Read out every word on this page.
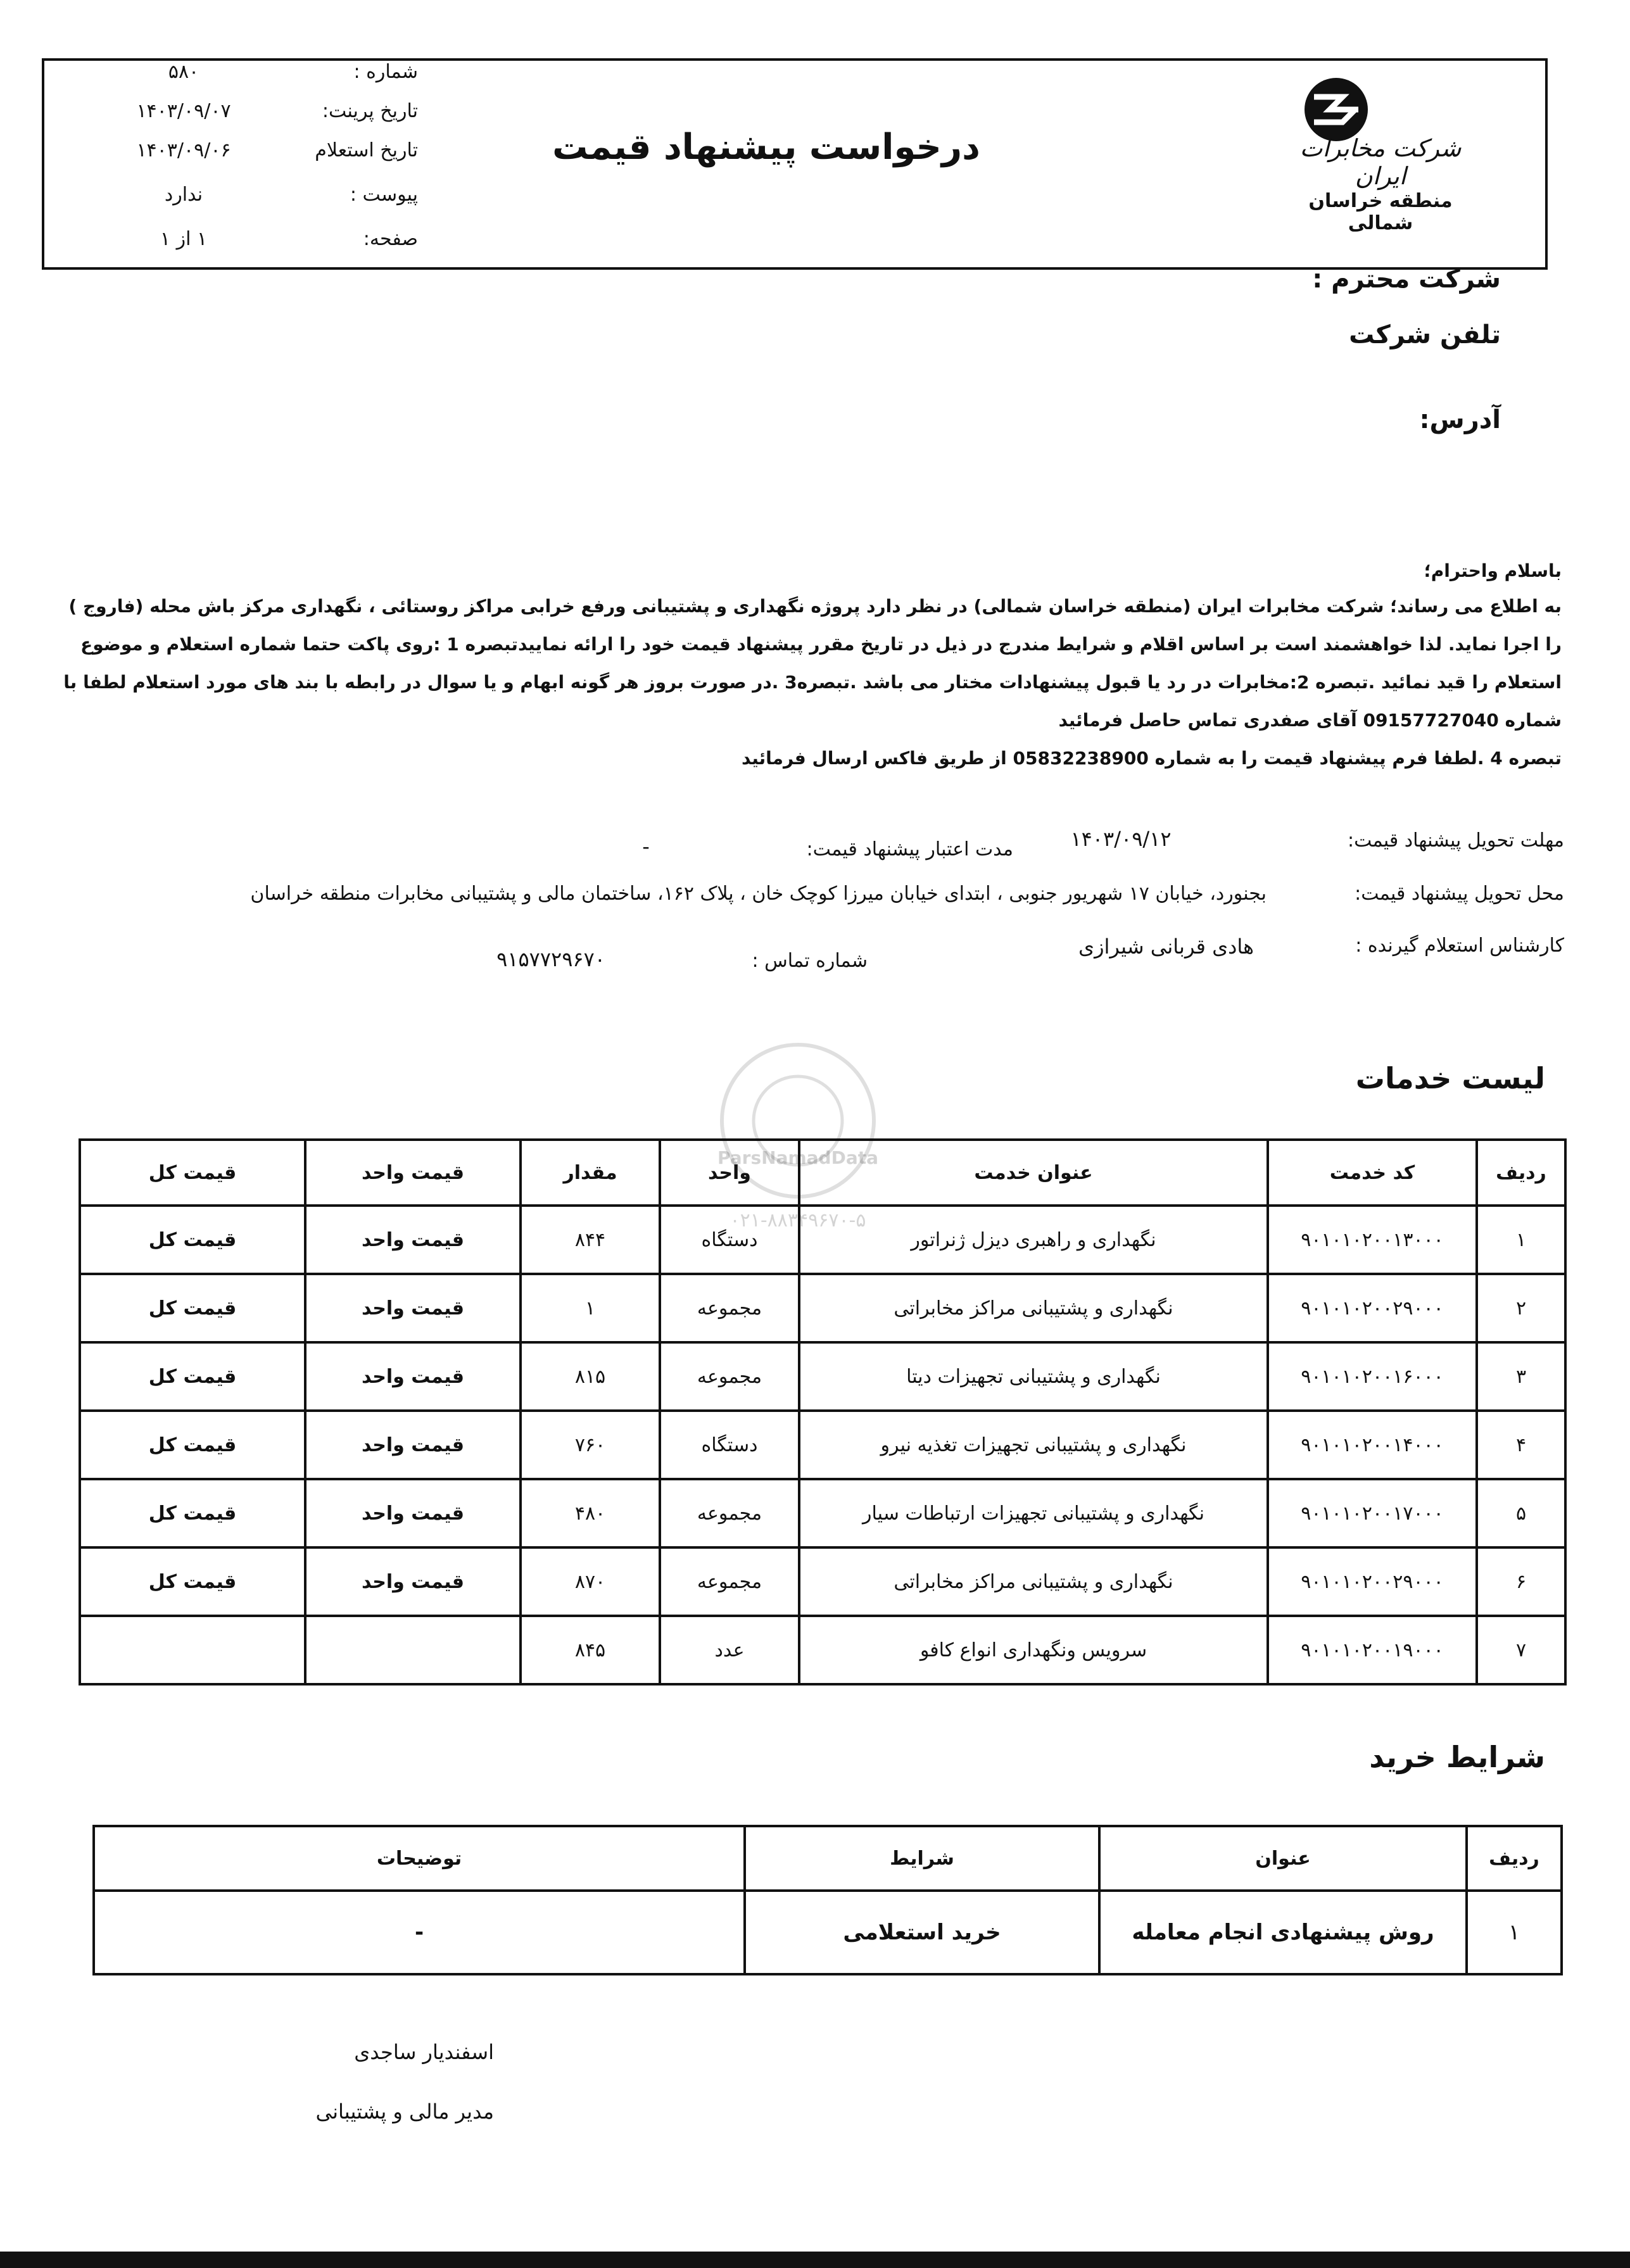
شرکت مخابرات ایران
منطقه خراسان شمالی
درخواست پیشنهاد قیمت
شماره :
۵۸۰
تاریخ پرینت:
۱۴۰۳/۰۹/۰۷
تاریخ استعلام
۱۴۰۳/۰۹/۰۶
پیوست :
ندارد
صفحه:
۱ از ۱
شرکت محترم :
تلفن شرکت
آدرس:
باسلام واحترام؛
به اطلاع می رساند؛ شرکت مخابرات ایران (منطقه خراسان شمالی) در نظر دارد پروژه نگهداری و پشتیبانی ورفع خرابی مراکز روستائی ، نگهداری مرکز باش محله (فاروج )
را اجرا نماید. لذا خواهشمند است بر اساس اقلام و شرایط مندرج در ذیل در تاریخ مقرر پیشنهاد قیمت خود را ارائه نماییدتبصره 1 :روی پاکت حتما شماره استعلام و موضوع
استعلام را قید نمائید .تبصره 2:مخابرات در رد یا قبول پیشنهادات مختار می باشد .تبصره3 .در صورت بروز هر گونه ابهام و یا سوال در رابطه با بند های مورد استعلام لطفا با
شماره 09157727040 آقای صفدری تماس حاصل فرمائید
تبصره 4 .لطفا فرم پیشنهاد قیمت را به شماره 05832238900 از طریق فاکس ارسال فرمائید
مهلت تحویل پیشنهاد قیمت:
۱۴۰۳/۰۹/۱۲
مدت اعتبار پیشنهاد قیمت:
-
محل تحویل پیشنهاد قیمت:
بجنورد، خیابان ۱۷ شهریور جنوبی ، ابتدای خیابان میرزا کوچک خان ، پلاک ۱۶۲، ساختمان مالی و پشتیبانی مخابرات منطقه خراسان
کارشناس استعلام گیرنده :
هادی قربانی شیرازی
شماره تماس :
۹۱۵۷۷۲۹۶۷۰
ParsNamadData
۰۲۱-۸۸۳۴۹۶۷۰-۵
لیست خدمات
ردیف	کد خدمت	عنوان خدمت	واحد	مقدار	قیمت واحد	قیمت کل
۱	۹۰۱۰۱۰۲۰۰۱۳۰۰۰	نگهداری و راهبری دیزل ژنراتور	دستگاه	۸۴۴	قیمت واحد	قیمت کل
۲	۹۰۱۰۱۰۲۰۰۲۹۰۰۰	نگهداری و پشتیبانی مراکز مخابراتی	مجموعه	۱	قیمت واحد	قیمت کل
۳	۹۰۱۰۱۰۲۰۰۱۶۰۰۰	نگهداری و پشتیبانی تجهیزات دیتا	مجموعه	۸۱۵	قیمت واحد	قیمت کل
۴	۹۰۱۰۱۰۲۰۰۱۴۰۰۰	نگهداری و پشتیبانی تجهیزات تغذیه نیرو	دستگاه	۷۶۰	قیمت واحد	قیمت کل
۵	۹۰۱۰۱۰۲۰۰۱۷۰۰۰	نگهداری و پشتیبانی تجهیزات ارتباطات سیار	مجموعه	۴۸۰	قیمت واحد	قیمت کل
۶	۹۰۱۰۱۰۲۰۰۲۹۰۰۰	نگهداری و پشتیبانی مراکز مخابراتی	مجموعه	۸۷۰	قیمت واحد	قیمت کل
۷	۹۰۱۰۱۰۲۰۰۱۹۰۰۰	سرویس ونگهداری انواع کافو	عدد	۸۴۵		
شرایط خرید
ردیف	عنوان	شرایط	توضیحات
۱	روش پیشنهادی انجام معامله	خرید استعلامی	-
اسفندیار ساجدی
مدیر مالی و پشتیبانی
